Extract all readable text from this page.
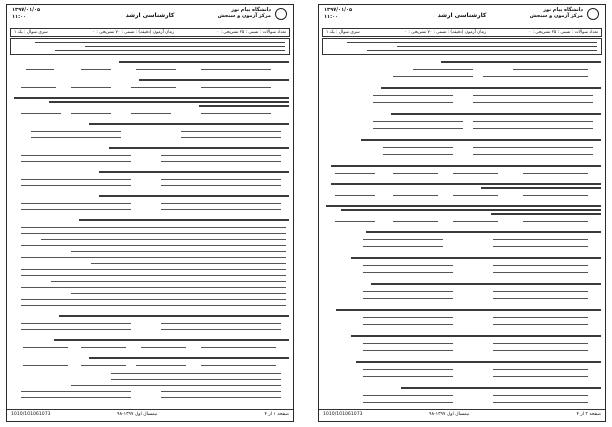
دانشگاه پیام نور
مرکز آزمون و سنجش
کارشناسی ارشد
۱۳۹۷/۰۱/۰۵
۱۱:۰۰
تعداد سوالات : تستی : ۲۵ تشریحی : ۰
زمان آزمون (دقیقه) : تستی : ۷۰ تشریحی : ۰
سری سوال : یک ۱
1010/101061073	نیمسال اول ۱۳۹۷-۹۸	صفحه ۱ از ۴
دانشگاه پیام نور
مرکز آزمون و سنجش
کارشناسی ارشد
۱۳۹۷/۰۱/۰۵
۱۱:۰۰
تعداد سوالات : تستی : ۲۵ تشریحی : ۰
زمان آزمون (دقیقه) : تستی : ۷۰ تشریحی : ۰
سری سوال : یک ۱
1010/101061073	نیمسال اول ۱۳۹۷-۹۸	صفحه ۲ از ۴
